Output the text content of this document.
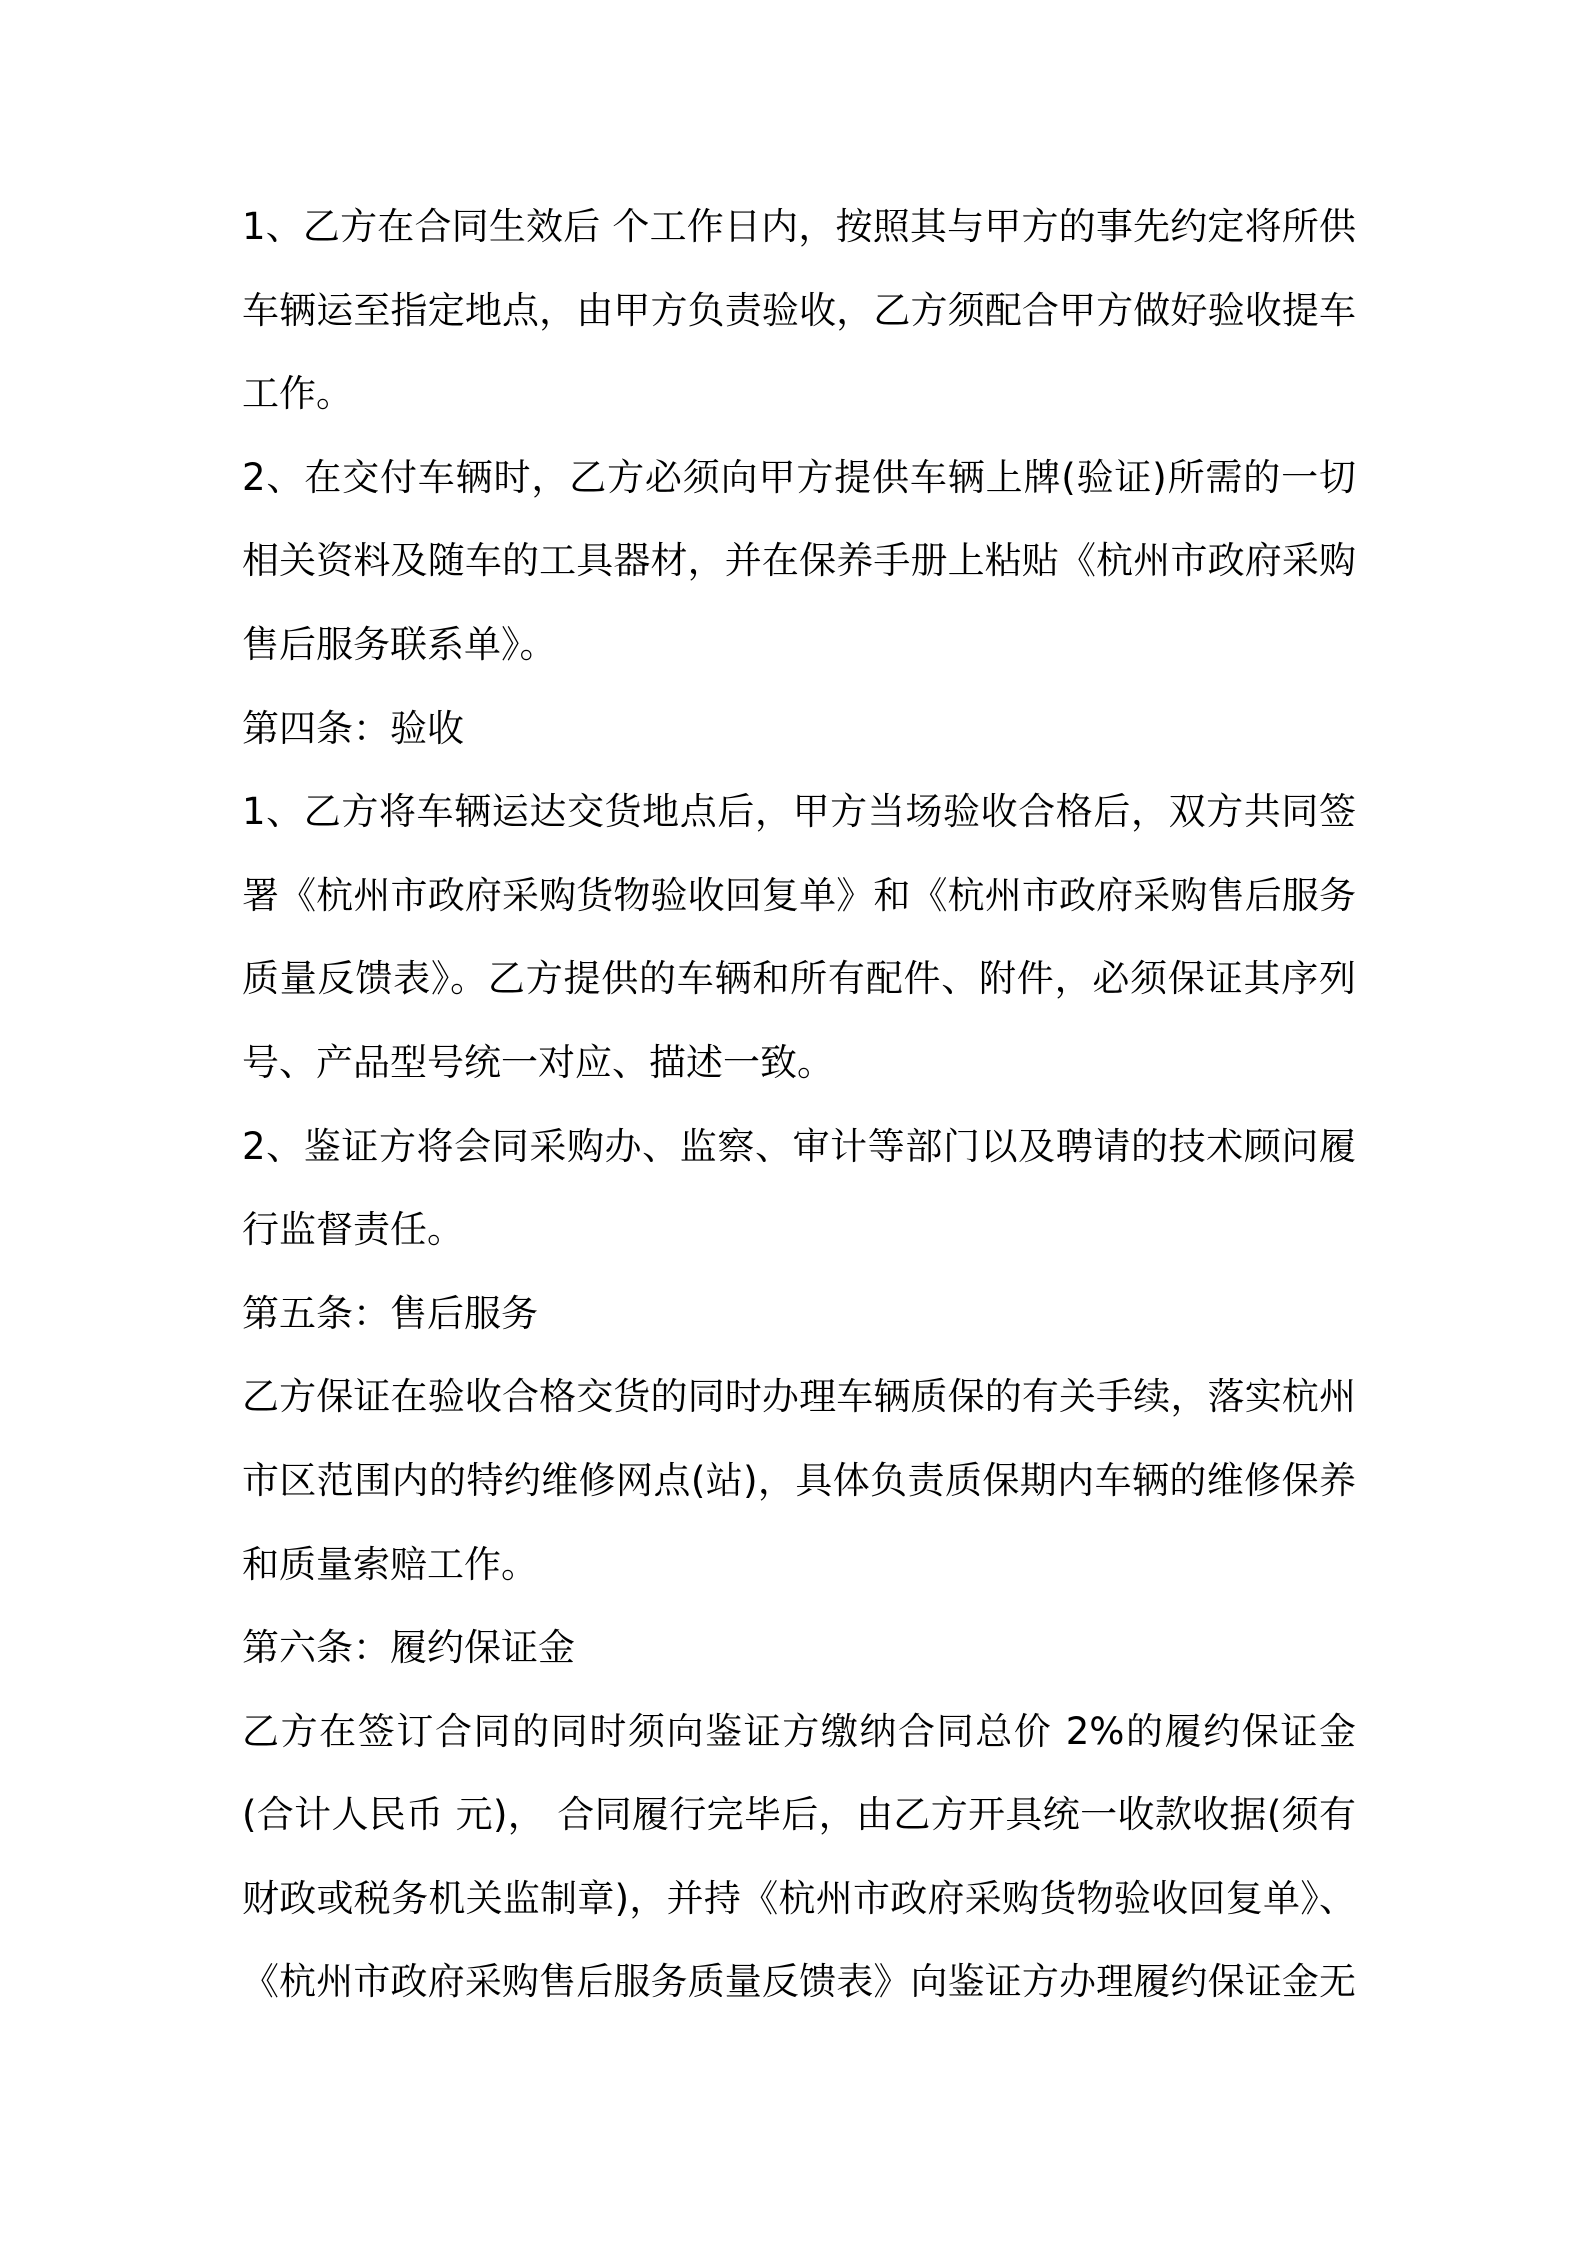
1、乙方在合同生效后 个工作日内，按照其与甲方的事先约定将所供
车辆运至指定地点，由甲方负责验收，乙方须配合甲方做好验收提车
工作。
2、在交付车辆时，乙方必须向甲方提供车辆上牌(验证)所需的一切
相关资料及随车的工具器材，并在保养手册上粘贴《杭州市政府采购
售后服务联系单》。
第四条：验收
1、乙方将车辆运达交货地点后，甲方当场验收合格后，双方共同签
署《杭州市政府采购货物验收回复单》和《杭州市政府采购售后服务
质量反馈表》。乙方提供的车辆和所有配件、附件，必须保证其序列
号、产品型号统一对应、描述一致。
2、鉴证方将会同采购办、监察、审计等部门以及聘请的技术顾问履
行监督责任。
第五条：售后服务
乙方保证在验收合格交货的同时办理车辆质保的有关手续，落实杭州
市区范围内的特约维修网点(站)，具体负责质保期内车辆的维修保养
和质量索赔工作。
第六条：履约保证金
乙方在签订合同的同时须向鉴证方缴纳合同总价 2%的履约保证金
(合计人民币 元)， 合同履行完毕后，由乙方开具统一收款收据(须有
财政或税务机关监制章)，并持《杭州市政府采购货物验收回复单》、
《杭州市政府采购售后服务质量反馈表》向鉴证方办理履约保证金无
